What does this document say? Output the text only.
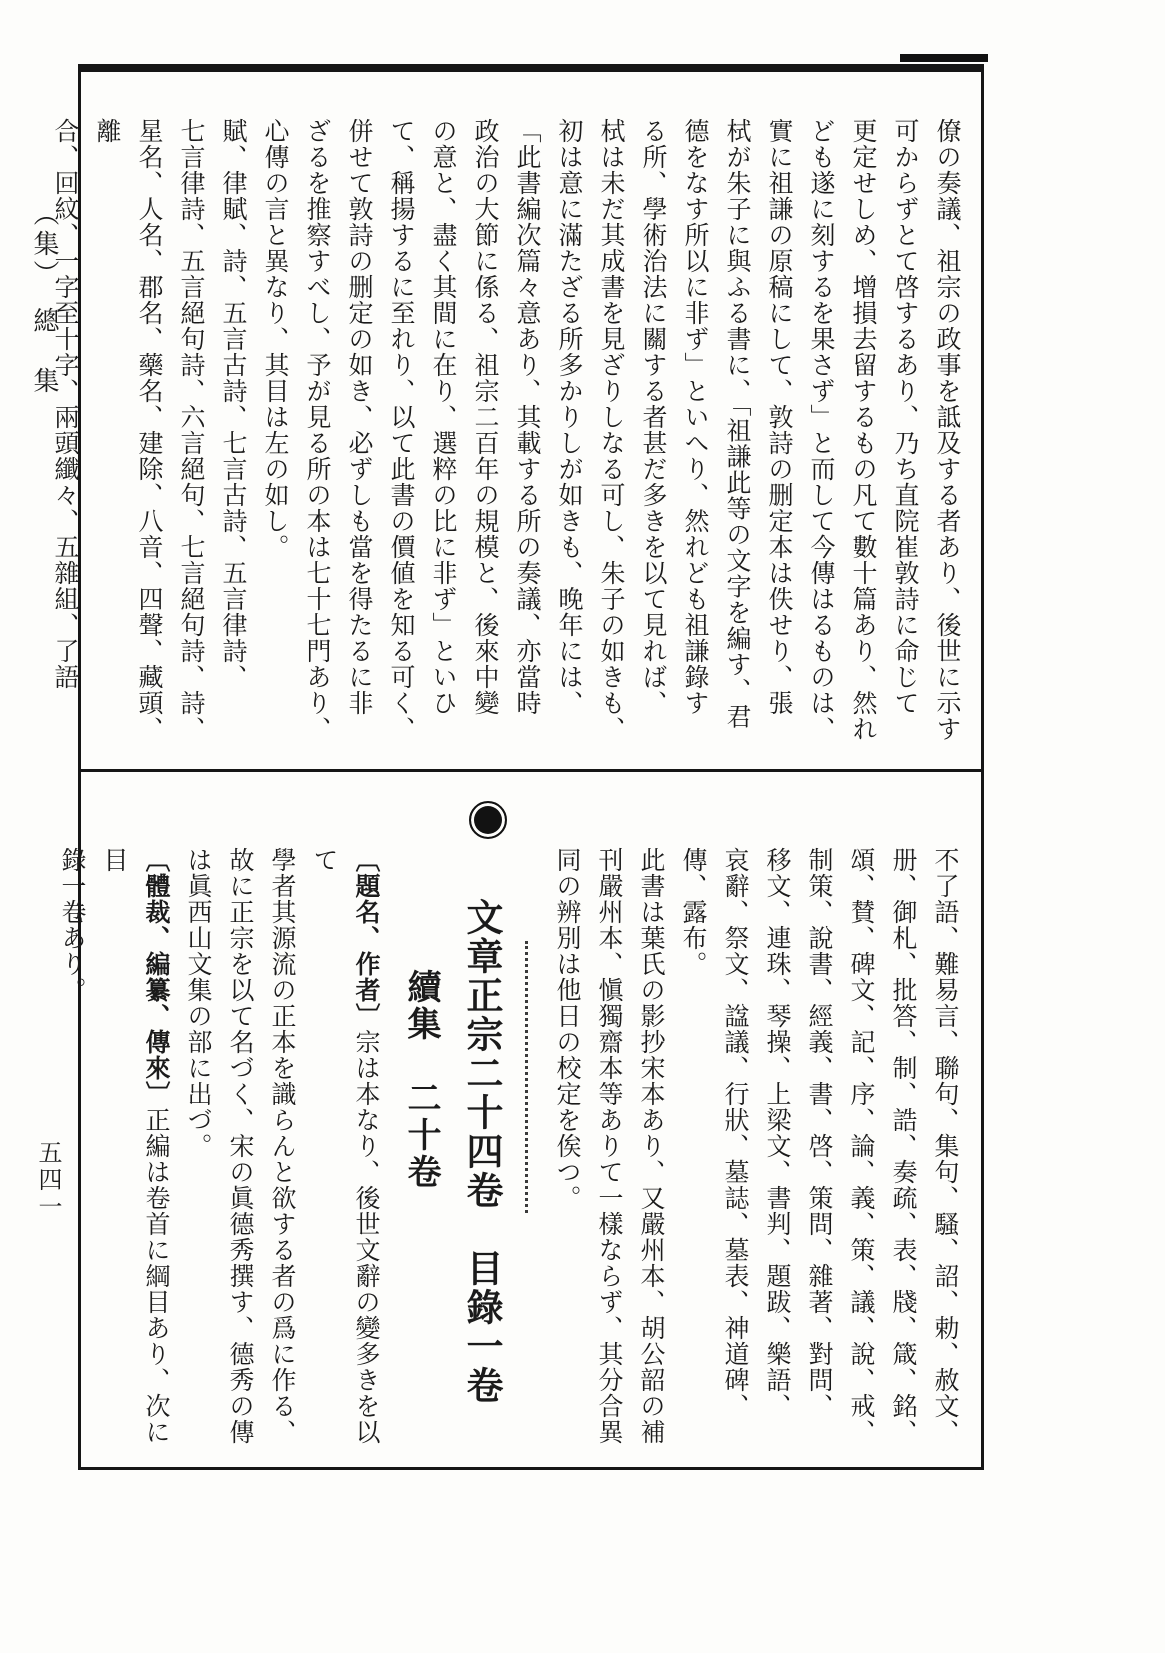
（集）　總　集
五四一
僚の奏議、祖宗の政事を詆及する者あり、後世に示す
可からずとて啓するあり、乃ち直院崔敦詩に命じて
更定せしめ、增損去留するもの凡て數十篇あり、然れ
ども遂に刻するを果さず」と而して今傳はるものは、
實に祖謙の原稿にして、敦詩の删定本は佚せり、張
栻が朱子に與ふる書に、「祖謙此等の文字を編す、君
德をなす所以に非ず」といへり、然れども祖謙錄す
る所、學術治法に關する者甚だ多きを以て見れば、
栻は未だ其成書を見ざりしなる可し、朱子の如きも、
初は意に滿たざる所多かりしが如きも、晚年には、
「此書編次篇々意あり、其載する所の奏議、亦當時
政治の大節に係る、祖宗二百年の規模と、後來中變
の意と、盡く其間に在り、選粹の比に非ず」といひ
て、稱揚するに至れり、以て此書の價値を知る可く、
併せて敦詩の删定の如き、必ずしも當を得たるに非
ざるを推察すべし、予が見る所の本は七十七門あり、
心傳の言と異なり、其目は左の如し。
賦、律賦、詩、五言古詩、七言古詩、五言律詩、
七言律詩、五言絕句詩、六言絕句、七言絕句詩、詩、
星名、人名、郡名、藥名、建除、八音、四聲、藏頭、離
合、回紋、一字至十字、兩頭纖々、五雜組、了語
不了語、難易言、聯句、集句、騷、詔、勅、赦文、
册、御札、批答、制、誥、奏疏、表、牋、箴、銘、
頌、賛、碑文、記、序、論、義、策、議、說、戒、
制策、說書、經義、書、啓、策問、雜著、對問、
移文、連珠、琴操、上梁文、書判、題跋、樂語、
哀辭、祭文、諡議、行狀、墓誌、墓表、神道碑、
傳、露布。
此書は葉氏の影抄宋本あり、又嚴州本、胡公韶の補
刊嚴州本、愼獨齋本等ありて一樣ならず、其分合異
同の辨別は他日の校定を俟つ。
文章正宗二十四卷　目錄一卷
續集　二十卷
〔題名、作者〕宗は本なり、後世文辭の變多きを以て
學者其源流の正本を識らんと欲する者の爲に作る、
故に正宗を以て名づく、宋の眞德秀撰す、德秀の傳
は眞西山文集の部に出づ。
〔體裁、編纂、傳來〕正編は卷首に綱目あり、次に目
錄一卷あり。
